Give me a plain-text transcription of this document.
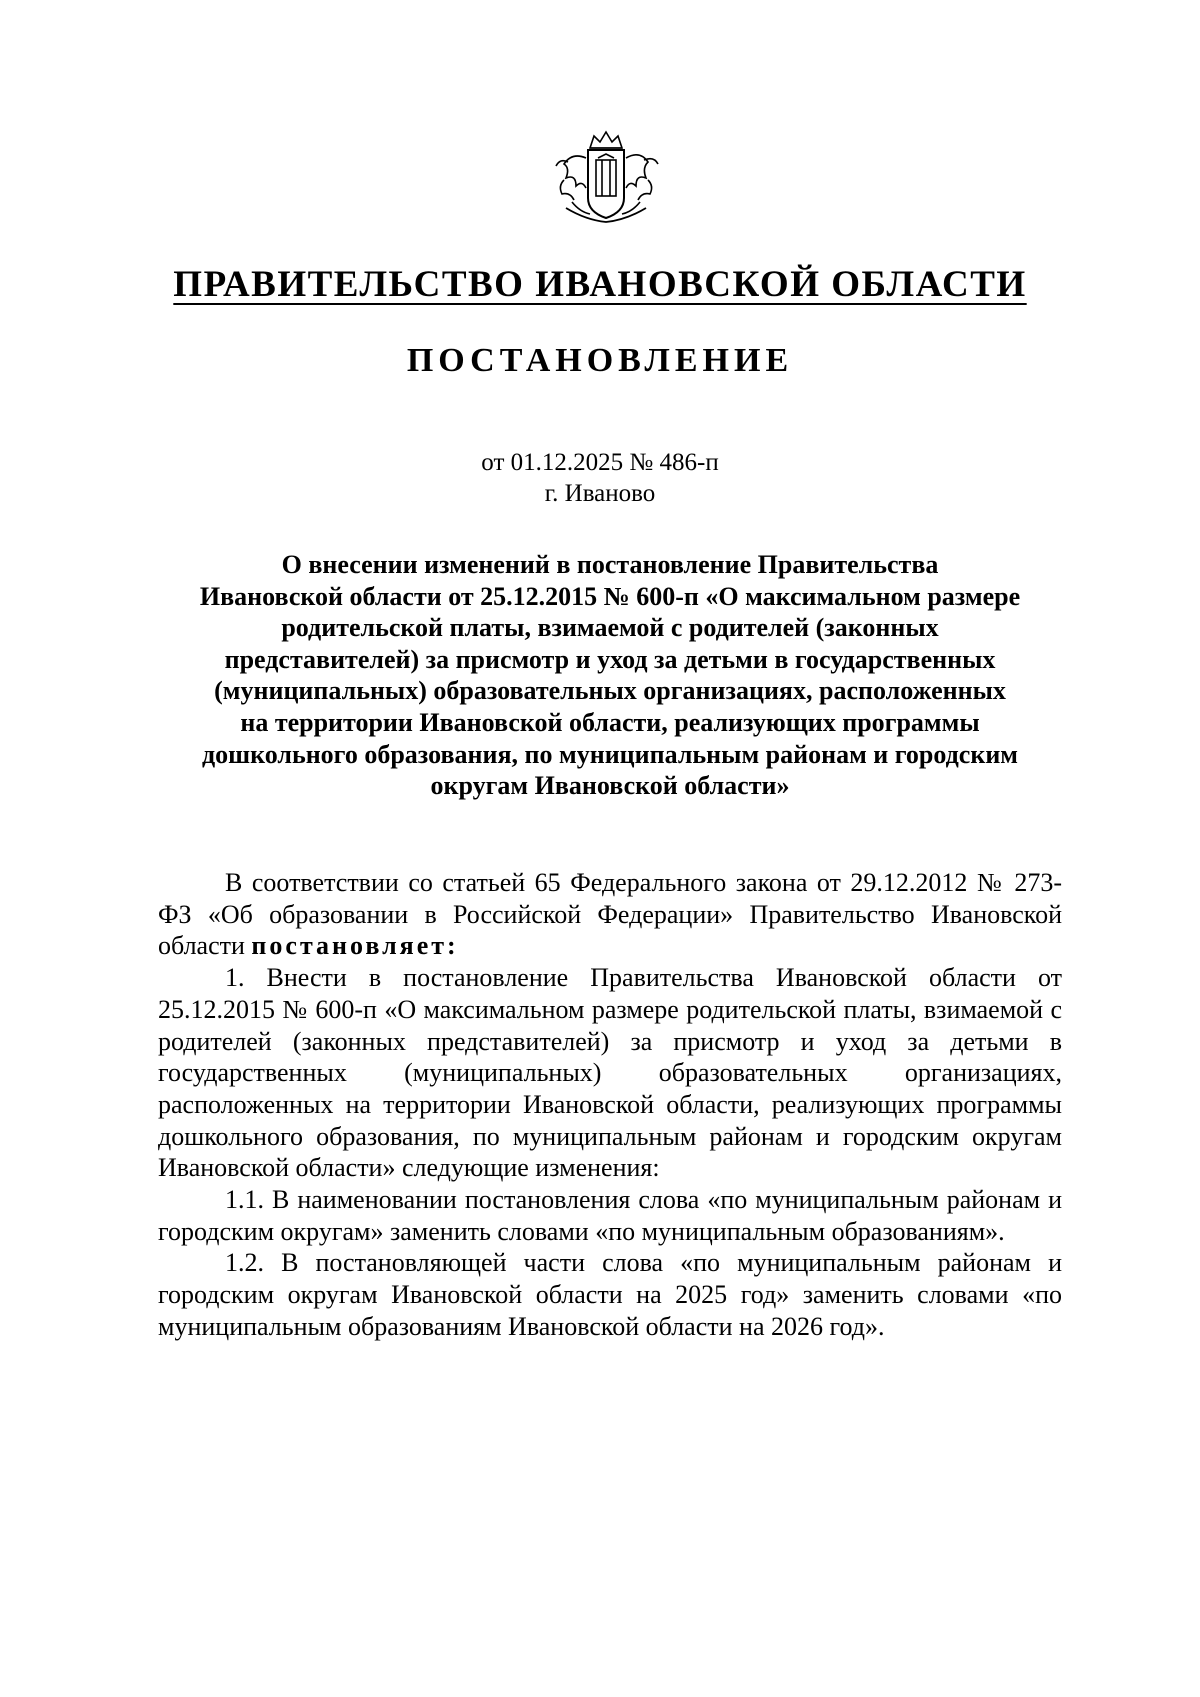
ПРАВИТЕЛЬСТВО ИВАНОВСКОЙ ОБЛАСТИ
ПОСТАНОВЛЕНИЕ
от 01.12.2025 № 486-п
г. Иваново
О внесении изменений в постановление Правительства
Ивановской области от 25.12.2015 № 600-п «О максимальном размере
родительской платы, взимаемой с родителей (законных
представителей) за присмотр и уход за детьми в государственных
(муниципальных) образовательных организациях, расположенных
на территории Ивановской области, реализующих программы
дошкольного образования, по муниципальным районам и городским
округам Ивановской области»

В соответствии со статьей 65 Федерального закона от 29.12.2012 № 273-ФЗ «Об образовании в Российской Федерации» Правительство Ивановской области постановляет:

1. Внести в постановление Правительства Ивановской области от 25.12.2015 № 600-п «О максимальном размере родительской платы, взимаемой с родителей (законных представителей) за присмотр и уход за детьми в государственных (муниципальных) образовательных организациях, расположенных на территории Ивановской области, реализующих программы дошкольного образования, по муниципальным районам и городским округам Ивановской области» следующие изменения:

1.1. В наименовании постановления слова «по муниципальным районам и городским округам» заменить словами «по муниципальным образованиям».

1.2. В постановляющей части слова «по муниципальным районам и городским округам Ивановской области на 2025 год» заменить словами «по муниципальным образованиям Ивановской области на 2026 год».
